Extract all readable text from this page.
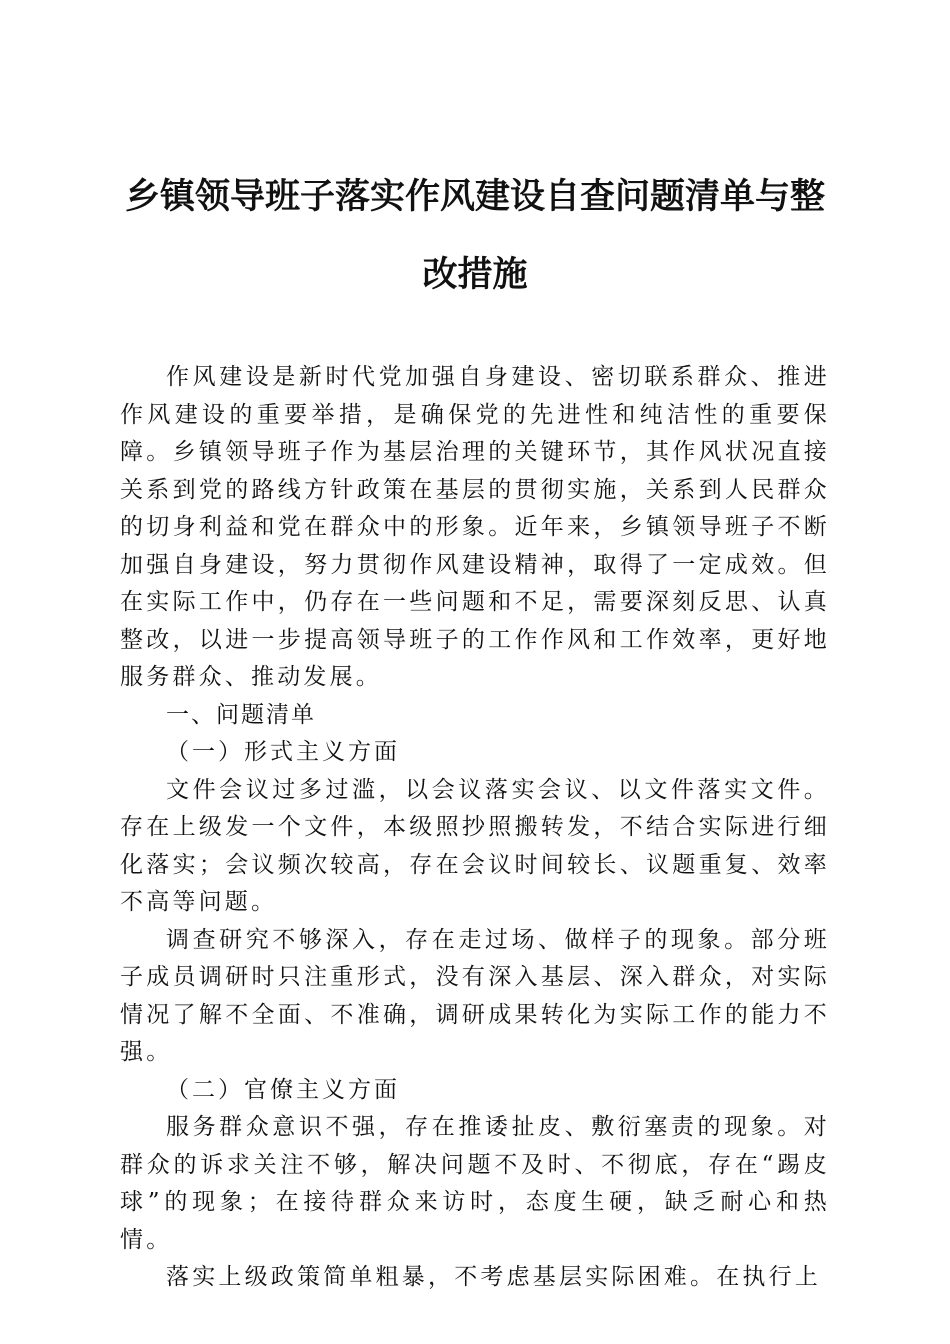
乡镇领导班子落实作风建设自查问题清单与整
改措施

作风建设是新时代党加强自身建设、密切联系群众、推进作风建设的重要举措，是确保党的先进性和纯洁性的重要保障。乡镇领导班子作为基层治理的关键环节，其作风状况直接关系到党的路线方针政策在基层的贯彻实施，关系到人民群众的切身利益和党在群众中的形象。近年来，乡镇领导班子不断加强自身建设，努力贯彻作风建设精神，取得了一定成效。但在实际工作中，仍存在一些问题和不足，需要深刻反思、认真整改，以进一步提高领导班子的工作作风和工作效率，更好地服务群众、推动发展。

一、问题清单

（一）形式主义方面

文件会议过多过滥，以会议落实会议、以文件落实文件。存在上级发一个文件，本级照抄照搬转发，不结合实际进行细化落实；会议频次较高，存在会议时间较长、议题重复、效率不高等问题。

调查研究不够深入，存在走过场、做样子的现象。部分班子成员调研时只注重形式，没有深入基层、深入群众，对实际情况了解不全面、不准确，调研成果转化为实际工作的能力不强。

（二）官僚主义方面

服务群众意识不强，存在推诿扯皮、敷衍塞责的现象。对群众的诉求关注不够，解决问题不及时、不彻底，存在“踢皮球”的现象；在接待群众来访时，态度生硬，缺乏耐心和热情。

落实上级政策简单粗暴，不考虑基层实际困难。在执行上
